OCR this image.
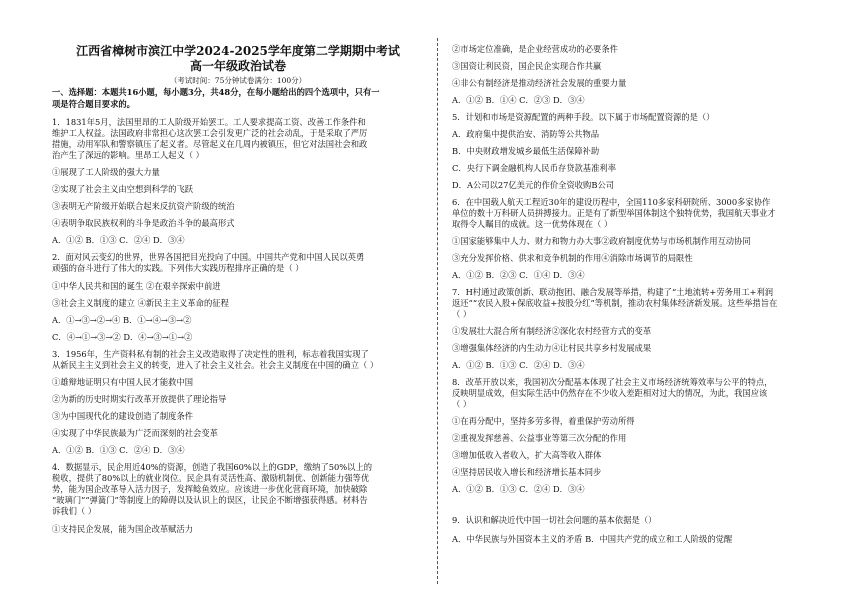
江西省樟树市滨江中学2024-2025学年度第二学期期中考试
高一年级政治试卷
（考试时间：75分钟试卷满分：100分）
一、选择题：本题共16小题，每小题3分，共48分，在每小题给出的四个选项中，只有一
项是符合题目要求的。
1．1831年5月，法国里昂的工人阶级开始罢工。工人要求提高工资、改善工作条件和
维护工人权益。法国政府非常担心这次罢工会引发更广泛的社会动乱，于是采取了严厉
措施，动用军队和警察镇压了起义者。尽管起义在几周内被镇压，但它对法国社会和政
治产生了深远的影响。里昂工人起义（ ）
①展现了工人阶级的强大力量
②实现了社会主义由空想到科学的飞跃
③表明无产阶级开始联合起来反抗资产阶级的统治
④表明争取民族权利的斗争是政治斗争的最高形式
A．①② B．①③ C．②④ D．③④
2．面对风云变幻的世界，世界各国把目光投向了中国。中国共产党和中国人民以英勇
顽强的奋斗进行了伟大的实践。下列伟大实践历程排序正确的是（ ）
①中华人民共和国的诞生 ②在艰辛探索中前进
③社会主义制度的建立 ④新民主主义革命的征程
A．①→③→②→④ B．①→④→③→②
C．④→①→③→② D．④→③→①→②
3．1956年，生产资料私有制的社会主义改造取得了决定性的胜利，标志着我国实现了
从新民主主义到社会主义的转变，进入了社会主义社会。社会主义制度在中国的确立（ ）
①雄辩地证明只有中国人民才能救中国
②为新的历史时期实行改革开放提供了理论指导
③为中国现代化的建设创造了制度条件
④实现了中华民族最为广泛而深刻的社会变革
A．①② B．①③ C．②④ D．③④
4．数据显示，民企用近40%的资源，创造了我国60%以上的GDP，缴纳了50%以上的
税收，提供了80%以上的就业岗位。民企具有灵活性高、激励机制优、创新能力强等优
势，能为国企改革导入活力因子，发挥鲶鱼效应。应该进一步优化营商环境，加快破除
“玻璃门”“弹簧门”等制度上的障碍以及认识上的误区，让民企不断增强获得感。材料告
诉我们（ ）
①支持民企发展，能为国企改革赋活力
②市场定位准确，是企业经营成功的必要条件
③国资让利民资，国企民企实现合作共赢
④非公有制经济是推动经济社会发展的重要力量
A．①② B．①④ C．②③ D．③④
5．计划和市场是资源配置的两种手段。以下属于市场配置资源的是（）
A．政府集中提供治安、消防等公共物品
B．中央财政增发城乡最低生活保障补助
C．央行下调金融机构人民币存贷款基准利率
D．A公司以27亿美元的作价全资收购B公司
6．在中国载人航天工程近30年的建设历程中，全国110多家科研院所、3000多家协作
单位的数十万科研人员拼搏接力。正是有了新型举国体制这个独特优势，我国航天事业才
取得令人瞩目的成就。这一优势体现在（ ）
①国家能够集中人力、财力和物力办大事②政府制度优势与市场机制作用互动协同
③充分发挥价格、供求和竞争机制的作用④消除市场调节的局限性
A．①② B．②③ C．①④ D．③④
7．H村通过政策创新、联动抱团、融合发展等举措，构建了“土地流转+劳务用工+利润
返还”“农民入股+保底收益+按股分红”等机制，推动农村集体经济新发展。这些举措旨在
（ ）
①发展壮大混合所有制经济②深化农村经营方式的变革
③增强集体经济的内生动力④让村民共享乡村发展成果
A．①② B．①③ C．②④ D．③④
8．改革开放以来，我国初次分配基本体现了社会主义市场经济统筹效率与公平的特点，
反映明显成效，但实际生活中仍然存在不少收入差距相对过大的情况，为此，我国应该
（ ）
①在再分配中，坚持多劳多得，着重保护劳动所得
②重视发挥慈善、公益事业等第三次分配的作用
③增加低收入者收入，扩大高等收入群体
④坚持居民收入增长和经济增长基本同步
A．①② B．①③ C．②④ D．③④
9．认识和解决近代中国一切社会问题的基本依据是（）
A．中华民族与外国资本主义的矛盾 B．中国共产党的成立和工人阶级的觉醒
